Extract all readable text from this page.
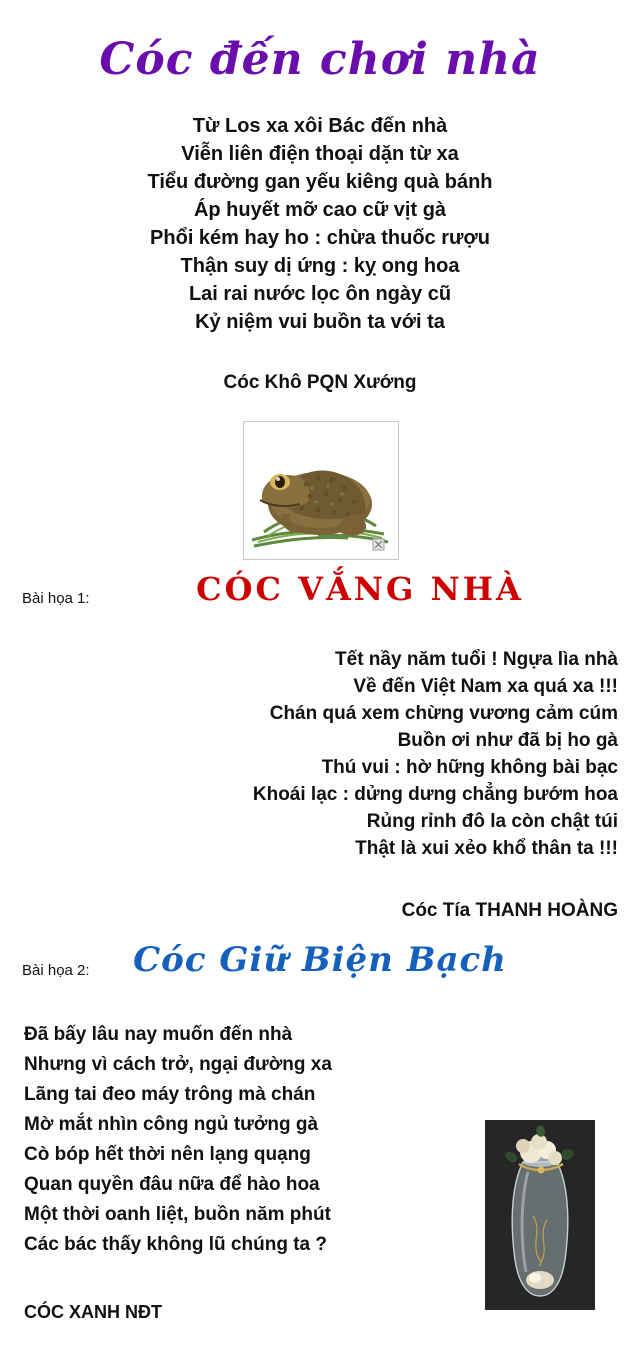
Cóc đến chơi nhà
Từ Los xa xôi Bác đến nhà
Viễn liên điện thoại dặn từ xa
Tiểu đường gan yếu kiêng quà bánh
Áp huyết mỡ cao cữ vịt gà
Phổi kém hay ho : chừa thuốc rượu
Thận suy dị ứng : kỵ ong hoa
Lai rai nước lọc ôn ngày cũ
Kỷ niệm vui buồn ta với ta
Cóc Khô PQN Xướng
Bài họa 1:	CÓC VẮNG NHÀ
Tết nầy năm tuổi ! Ngựa lìa nhà
Về đến Việt Nam xa quá xa !!!
Chán quá xem chừng vương cảm cúm
Buồn ơi như đã bị ho gà
Thú vui : hờ hững không bài bạc
Khoái lạc : dửng dưng chẳng bướm hoa
Rủng rỉnh đô la còn chật túi
Thật là xui xẻo khổ thân ta !!!
Cóc Tía THANH HOÀNG
Bài họa 2:	Cóc Giữ Biện Bạch
Đã bấy lâu nay muốn đến nhà
Nhưng vì cách trở, ngại đường xa
Lãng tai đeo máy trông mà chán
Mờ mắt nhìn công ngủ tưởng gà
Cò bóp hết thời nên lạng quạng
Quan quyền đâu nữa để hào hoa
Một thời oanh liệt, buồn năm phút
Các bác thấy không lũ chúng ta ?
CÓC XANH NĐT
